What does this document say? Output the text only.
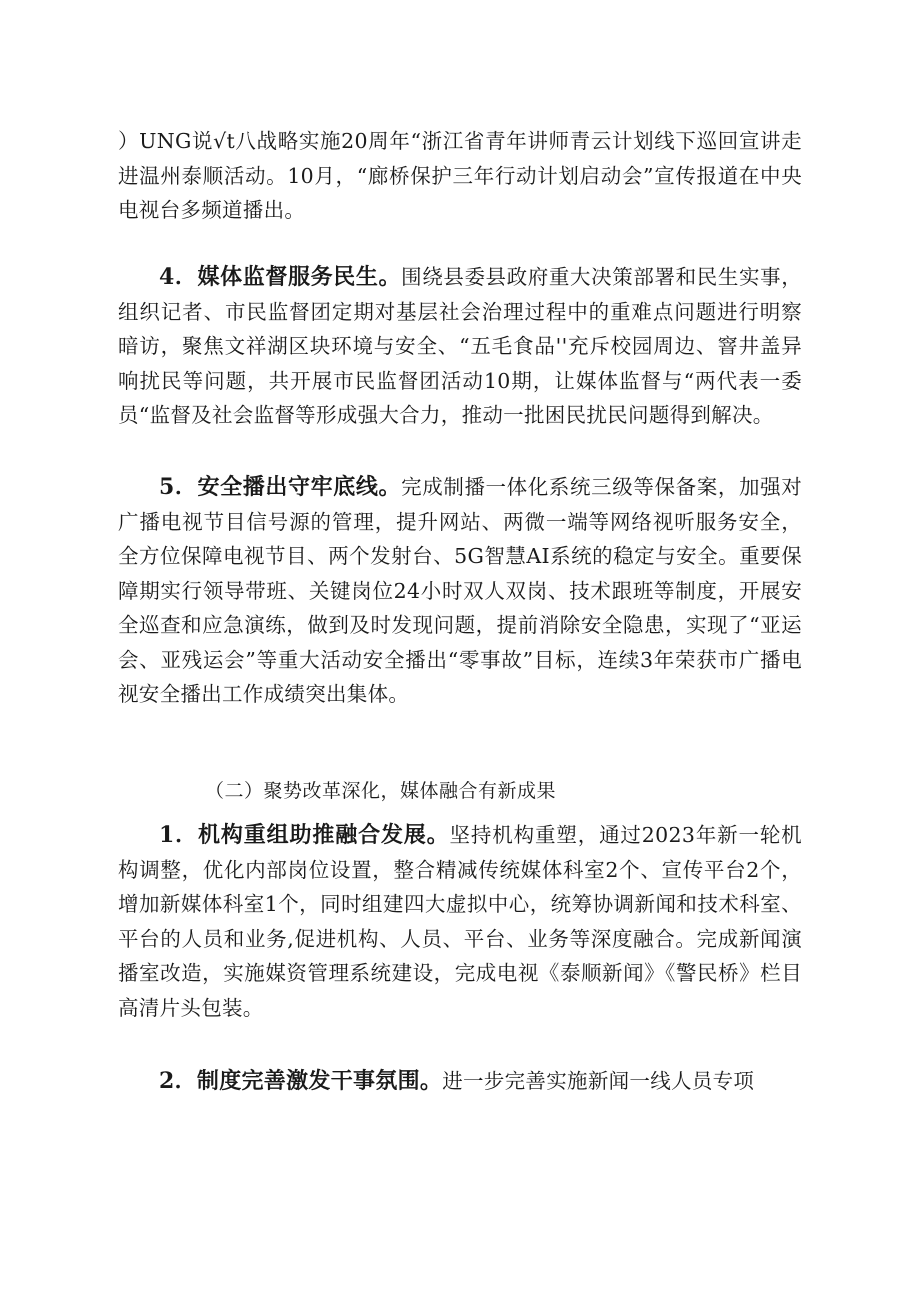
）UNG说√t八战略实施20周年“浙江省青年讲师青云计划线下巡回宣讲走进温州泰顺活动。10月，“廊桥保护三年行动计划启动会”宣传报道在中央电视台多频道播出。

4．媒体监督服务民生。围绕县委县政府重大决策部署和民生实事，组织记者、市民监督团定期对基层社会治理过程中的重难点问题进行明察暗访，聚焦文祥湖区块环境与安全、“五毛食品''充斥校园周边、窨井盖异响扰民等问题，共开展市民监督团活动10期，让媒体监督与“两代表一委员“监督及社会监督等形成强大合力，推动一批困民扰民问题得到解决。

5．安全播出守牢底线。完成制播一体化系统三级等保备案，加强对广播电视节目信号源的管理，提升网站、两微一端等网络视听服务安全，全方位保障电视节目、两个发射台、5G智慧AI系统的稳定与安全。重要保障期实行领导带班、关键岗位24小时双人双岗、技术跟班等制度，开展安全巡查和应急演练，做到及时发现问题，提前消除安全隐患，实现了“亚运会、亚残运会”等重大活动安全播出“零事故”目标，连续3年荣获市广播电视安全播出工作成绩突出集体。

（二）聚势改革深化，媒体融合有新成果

1．机构重组助推融合发展。坚持机构重塑，通过2023年新一轮机构调整，优化内部岗位设置，整合精减传统媒体科室2个、宣传平台2个，增加新媒体科室1个，同时组建四大虚拟中心，统筹协调新闻和技术科室、平台的人员和业务,促进机构、人员、平台、业务等深度融合。完成新闻演播室改造，实施媒资管理系统建设，完成电视《泰顺新闻》《警民桥》栏目高清片头包装。

2．制度完善激发干事氛围。进一步完善实施新闻一线人员专项
